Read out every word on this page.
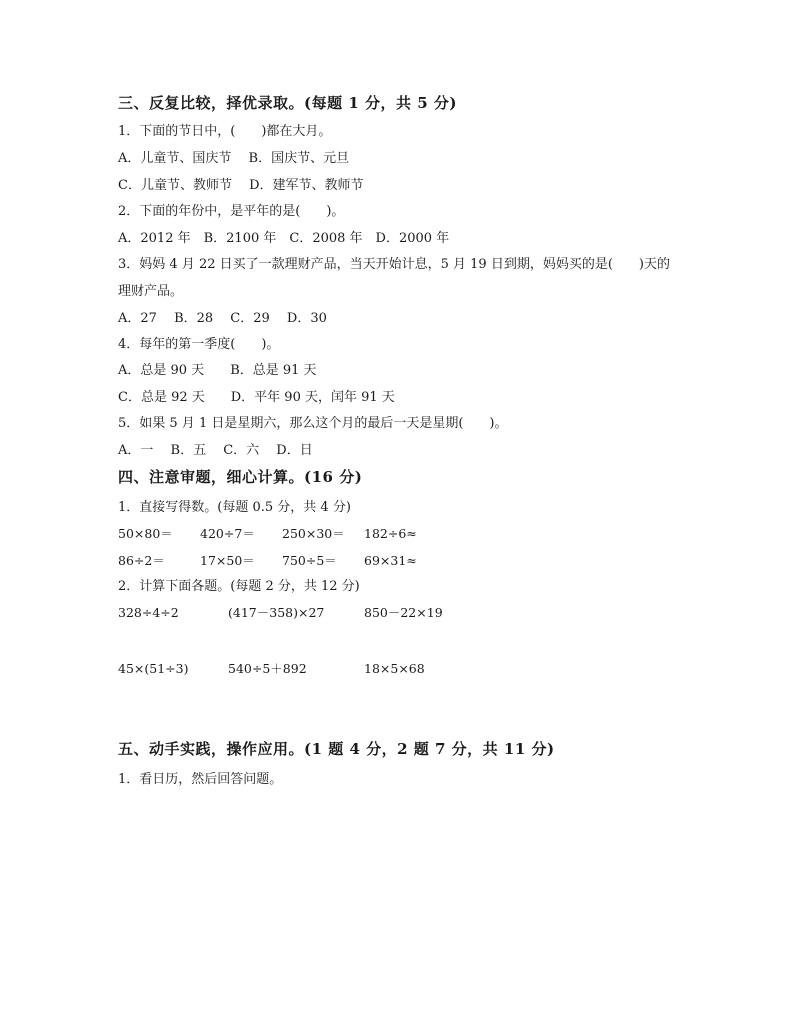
三、反复比较，择优录取。(每题 1 分，共 5 分)
1．下面的节日中，(　　)都在大月。
A．儿童节、国庆节　 B．国庆节、元旦
C．儿童节、教师节　 D．建军节、教师节
2．下面的年份中，是平年的是(　　)。
A．2012 年　B．2100 年　C．2008 年　D．2000 年
3．妈妈 4 月 22 日买了一款理财产品，当天开始计息，5 月 19 日到期，妈妈买的是(　　)天的
理财产品。
A．27　 B．28　 C．29　 D．30
4．每年的第一季度(　　)。
A．总是 90 天　　B．总是 91 天
C．总是 92 天　　D．平年 90 天，闰年 91 天
5．如果 5 月 1 日是星期六，那么这个月的最后一天是星期(　　)。
A．一　 B．五　 C．六　 D．日
四、注意审题，细心计算。(16 分)
1．直接写得数。(每题 0.5 分，共 4 分)
50×80＝ 420÷7＝ 250×30＝ 182÷6≈
86÷2＝	17×50＝ 750÷5＝ 69×31≈
2．计算下面各题。(每题 2 分，共 12 分)
328÷4÷2	(417－358)×27	850－22×19
45×(51÷3)	540÷5＋892	18×5×68
五、动手实践，操作应用。(1 题 4 分，2 题 7 分，共 11 分)
1．看日历，然后回答问题。
